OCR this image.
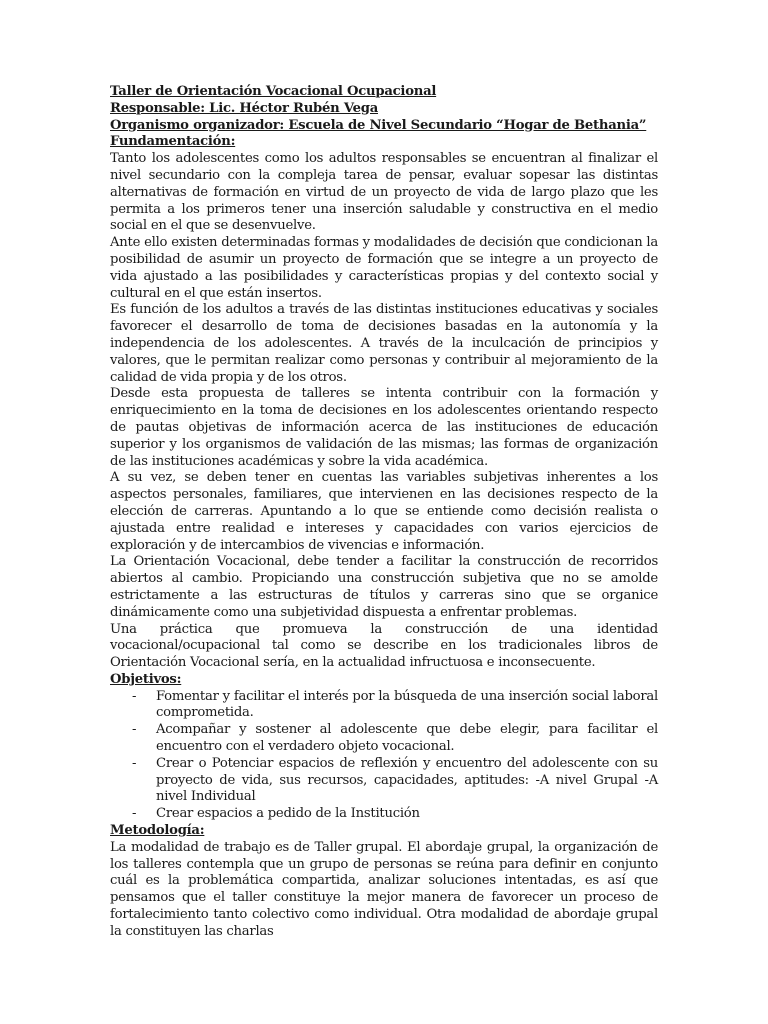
Taller de Orientación Vocacional Ocupacional
Responsable: Lic. Héctor Rubén Vega
Organismo organizador: Escuela de Nivel Secundario “Hogar de Bethania”
Fundamentación:

Tanto los adolescentes como los adultos responsables se encuentran al finalizar el nivel secundario con la compleja tarea de pensar, evaluar sopesar las distintas alternativas de formación en virtud de un proyecto de vida de largo plazo que les permita a los primeros tener una inserción saludable y constructiva en el medio social en el que se desenvuelve.

Ante ello existen determinadas formas y modalidades de decisión que condicionan la posibilidad de asumir un proyecto de formación que se integre a un proyecto de vida ajustado a las posibilidades y características propias y del contexto social y cultural en el que están insertos.

Es función de los adultos a través de las distintas instituciones educativas y sociales favorecer el desarrollo de toma de decisiones basadas en la autonomía y la independencia de los adolescentes. A través de la inculcación de principios y valores, que le permitan realizar como personas y contribuir al mejoramiento de la calidad de vida propia y de los otros.

Desde esta propuesta de talleres se intenta contribuir con la formación y enriquecimiento en la toma de decisiones en los adolescentes orientando respecto de pautas objetivas de información acerca de las instituciones de educación superior y los organismos de validación de las mismas; las formas de organización de las instituciones académicas y sobre la vida académica.

A su vez, se deben tener en cuentas las variables subjetivas inherentes a los aspectos personales, familiares, que intervienen en las decisiones respecto de la elección de carreras. Apuntando a lo que se entiende como decisión realista o ajustada entre realidad e intereses y capacidades con varios ejercicios de exploración y de intercambios de vivencias e información.

La Orientación Vocacional, debe tender a facilitar la construcción de recorridos abiertos al cambio. Propiciando una construcción subjetiva que no se amolde estrictamente a las estructuras de títulos y carreras sino que se organice dinámicamente como una subjetividad dispuesta a enfrentar problemas.

Una práctica que promueva la construcción de una identidad vocacional/ocupacional tal como se describe en los tradicionales libros de Orientación Vocacional sería, en la actualidad infructuosa e inconsecuente.

Objetivos:
- Fomentar y facilitar el interés por la búsqueda de una inserción social laboral comprometida.
- Acompañar y sostener al adolescente que debe elegir, para facilitar el encuentro con el verdadero objeto vocacional.
- Crear o Potenciar espacios de reflexión y encuentro del adolescente con su proyecto de vida, sus recursos, capacidades, aptitudes: -A nivel Grupal -A nivel Individual
- Crear espacios a pedido de la Institución
Metodología:

La modalidad de trabajo es de Taller grupal. El abordaje grupal, la organización de los talleres contempla que un grupo de personas se reúna para definir en conjunto cuál es la problemática compartida, analizar soluciones intentadas, es así que pensamos que el taller constituye la mejor manera de favorecer un proceso de fortalecimiento tanto colectivo como individual. Otra modalidad de abordaje grupal la constituyen las charlas
